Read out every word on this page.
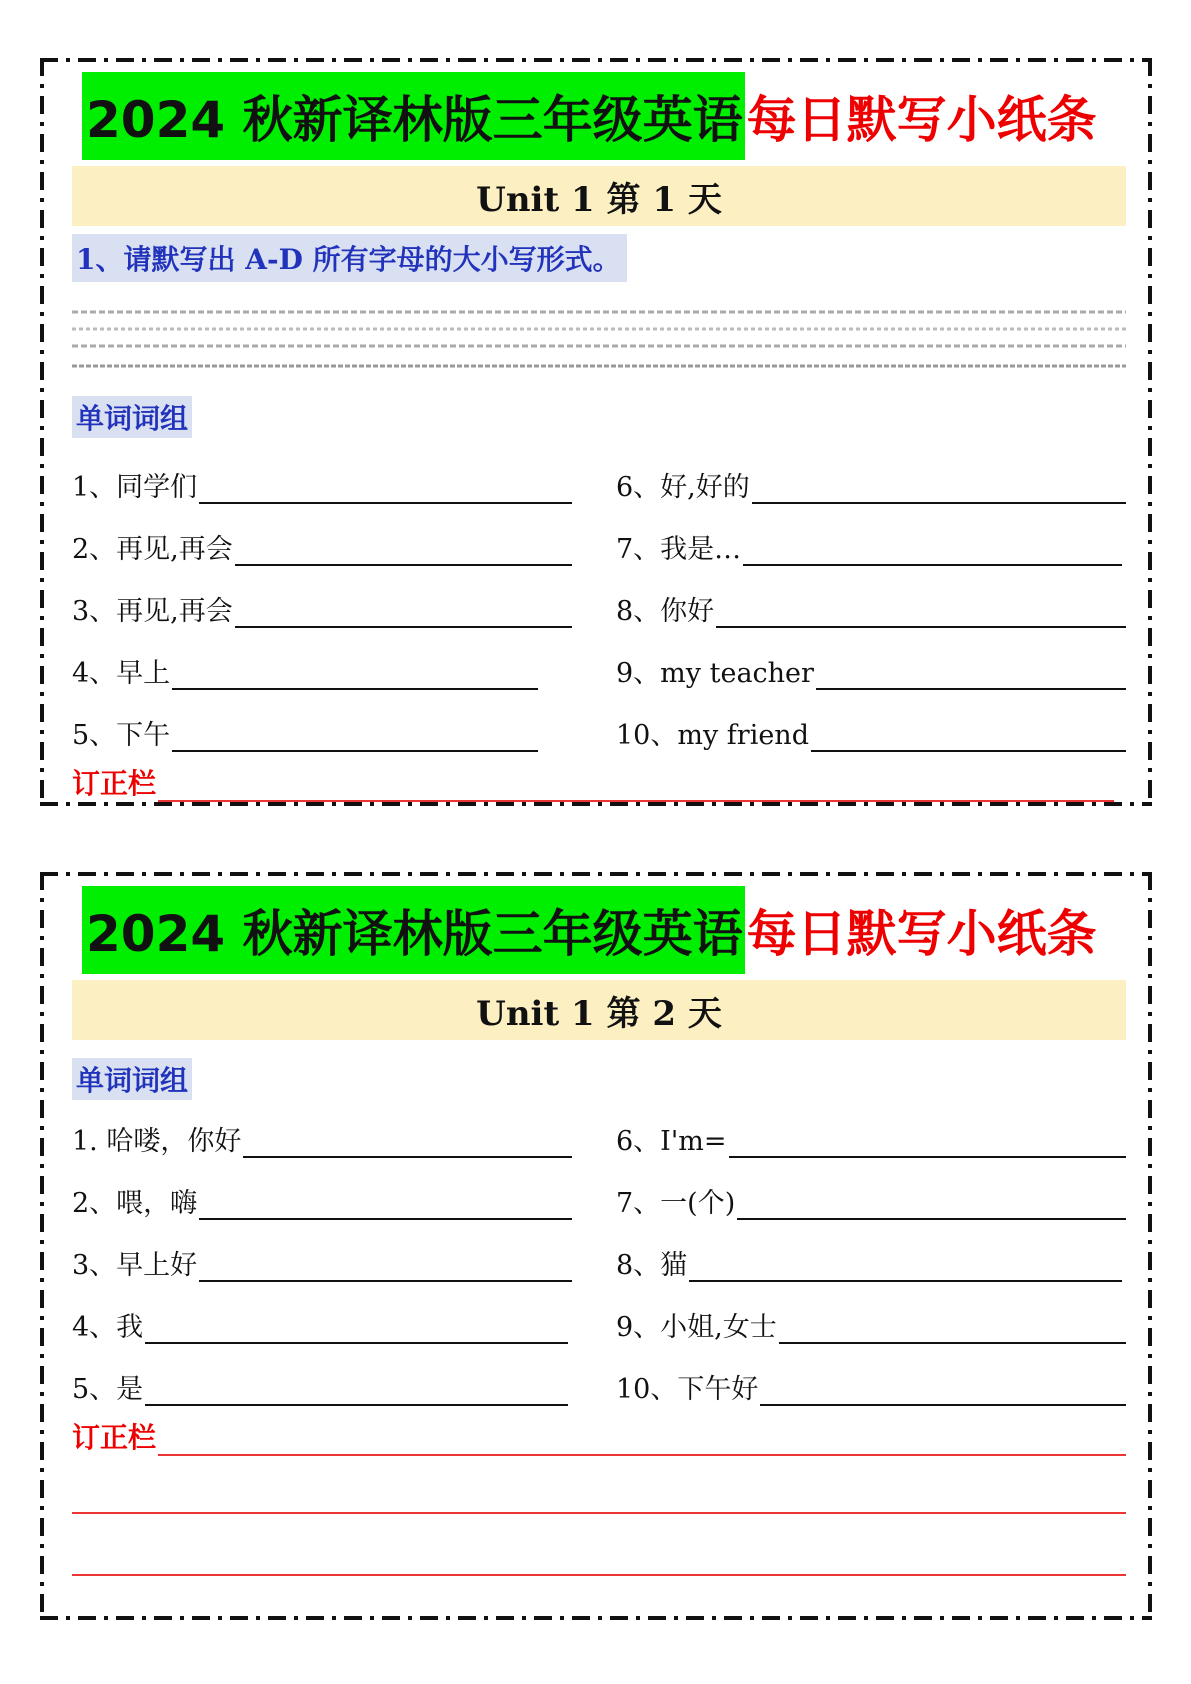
2024 秋新译林版三年级英语 每日默写小纸条
Unit 1 第 1 天
1、请默写出 A-D 所有字母的大小写形式。
单词词组
1、同学们
2、再见,再会
3、再见,再会
4、早上
5、下午
6、好,好的
7、我是…
8、你好
9、my teacher
10、my friend
订正栏
2024 秋新译林版三年级英语 每日默写小纸条
Unit 1 第 2 天
单词词组
1. 哈喽，你好
2、喂，嗨
3、早上好
4、我
5、是
6、I'm=
7、一(个)
8、猫
9、小姐,女士
10、下午好
订正栏
